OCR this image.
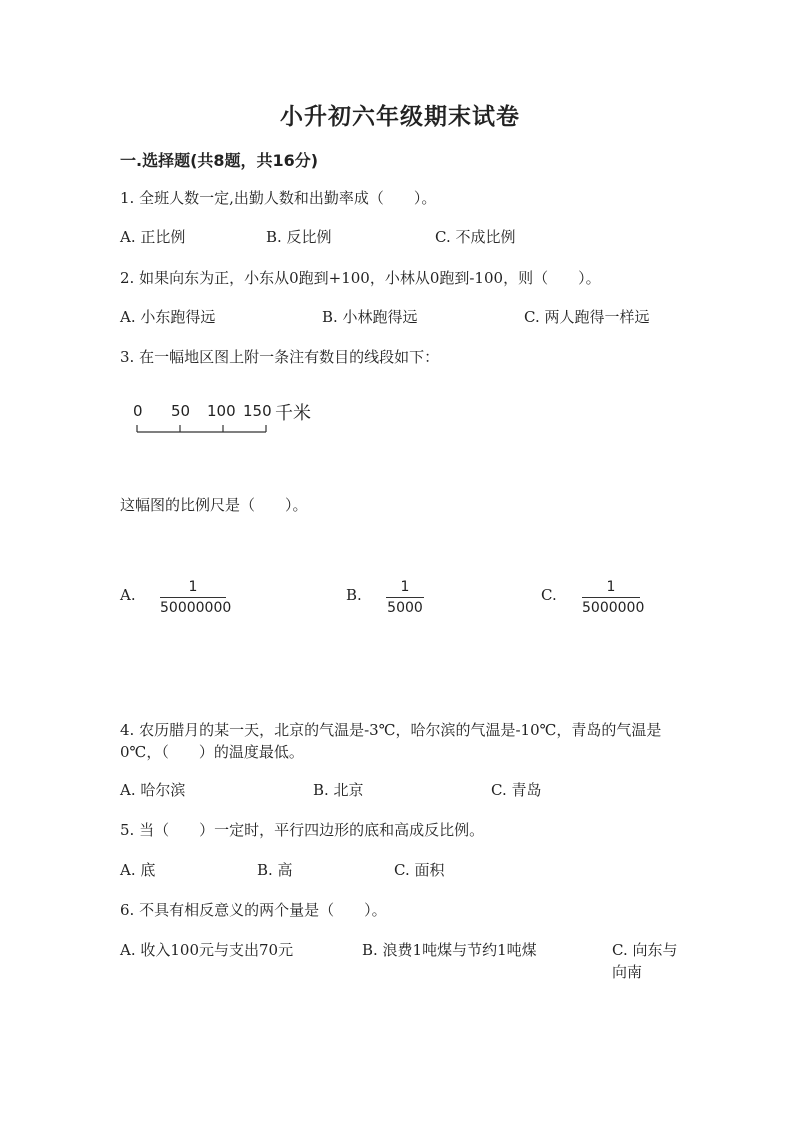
小升初六年级期末试卷
一.选择题(共8题，共16分)
1. 全班人数一定,出勤人数和出勤率成（　　）。
A. 正比例	B. 反比例	C. 不成比例
2. 如果向东为正，小东从0跑到+100，小林从0跑到-100，则（　　）。
A. 小东跑得远	B. 小林跑得远	C. 两人跑得一样远
3. 在一幅地区图上附一条注有数目的线段如下：
0 50 100 150 千米
这幅图的比例尺是（　　）。
A.	1
50000000
B.	1
5000
C.	1
5000000
4. 农历腊月的某一天，北京的气温是-3℃，哈尔滨的气温是-10℃，青岛的气温是0℃，（　　）的温度最低。
A. 哈尔滨	B. 北京	C. 青岛
5. 当（　　）一定时，平行四边形的底和高成反比例。
A. 底	B. 高	C. 面积
6. 不具有相反意义的两个量是（　　）。
A. 收入100元与支出70元	B. 浪费1吨煤与节约1吨煤	C. 向东与向南
